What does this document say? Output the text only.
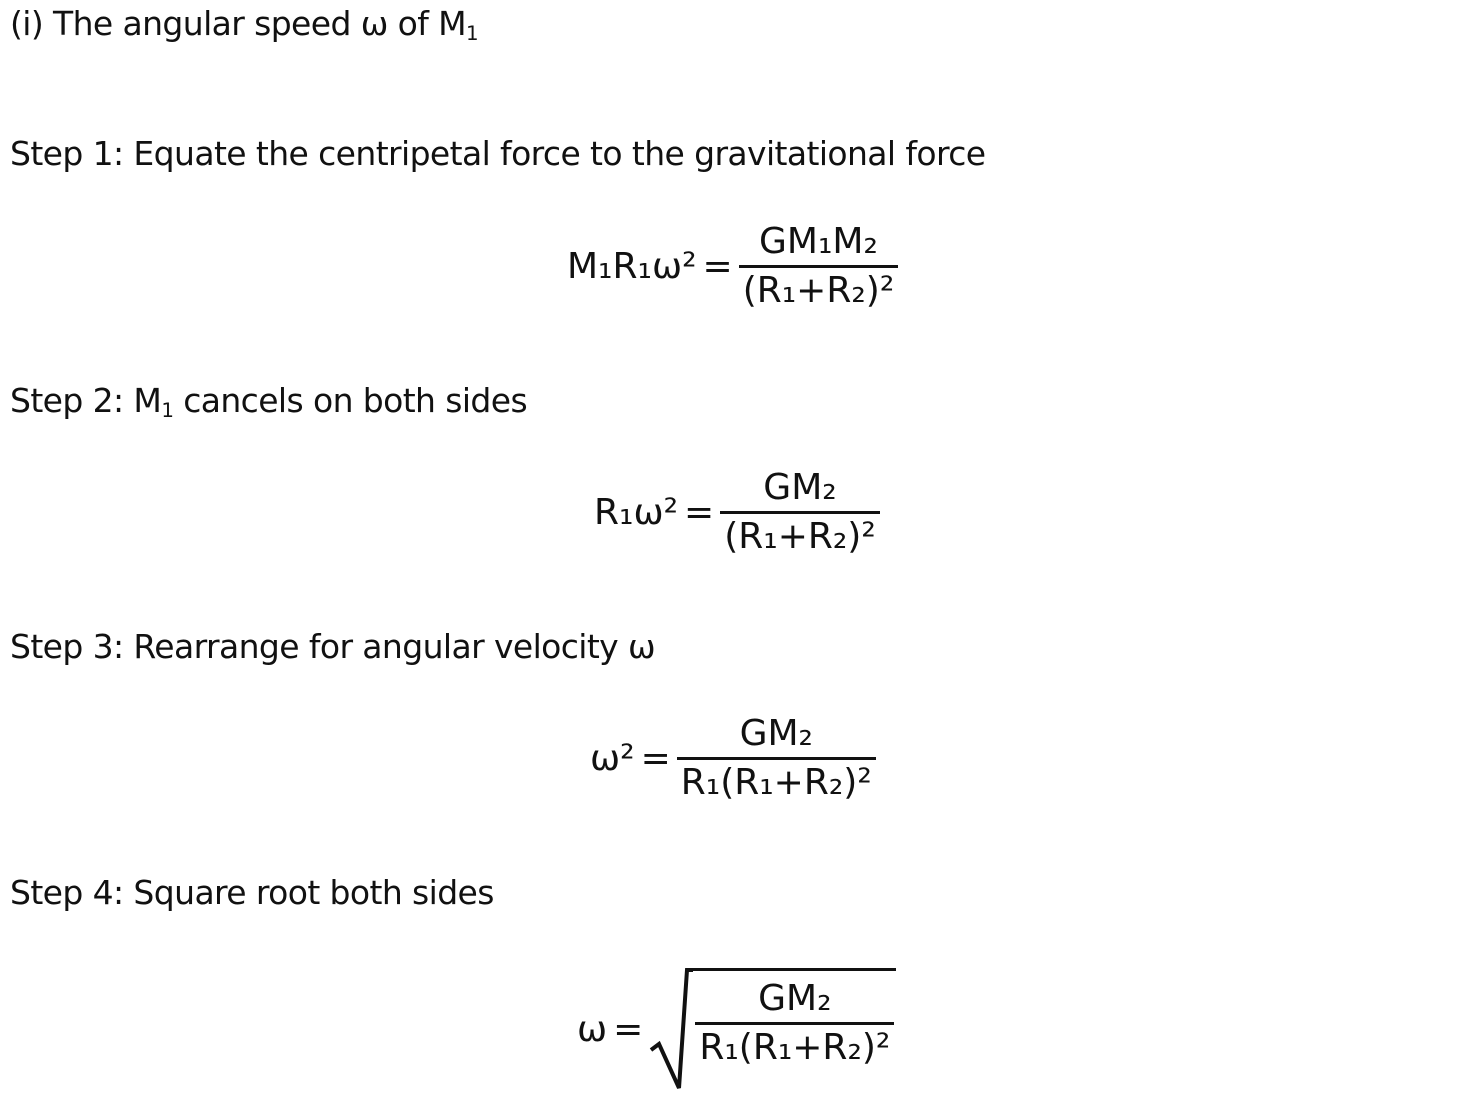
(i) The angular speed ω of $M_1$
Step 1: Equate the centripetal force to the gravitational force
$M_1R_1\omega^2 = \frac{\text{GM₁M₂}}{\text{(R₁+R₂)²}}$
Step 2: $M_1$ cancels on both sides
$R_1\omega^2 = \frac{\text{GM₂}}{\text{(R₁+R₂)²}}$
Step 3: Rearrange for angular velocity ω
$\omega^2 = \frac{\text{GM₂}}{\text{R₁(R₁+R₂)²}}$
Step 4: Square root both sides
$\omega = \frac{\text{GM₂}}{\text{R₁(R₁+R₂)²}}$
